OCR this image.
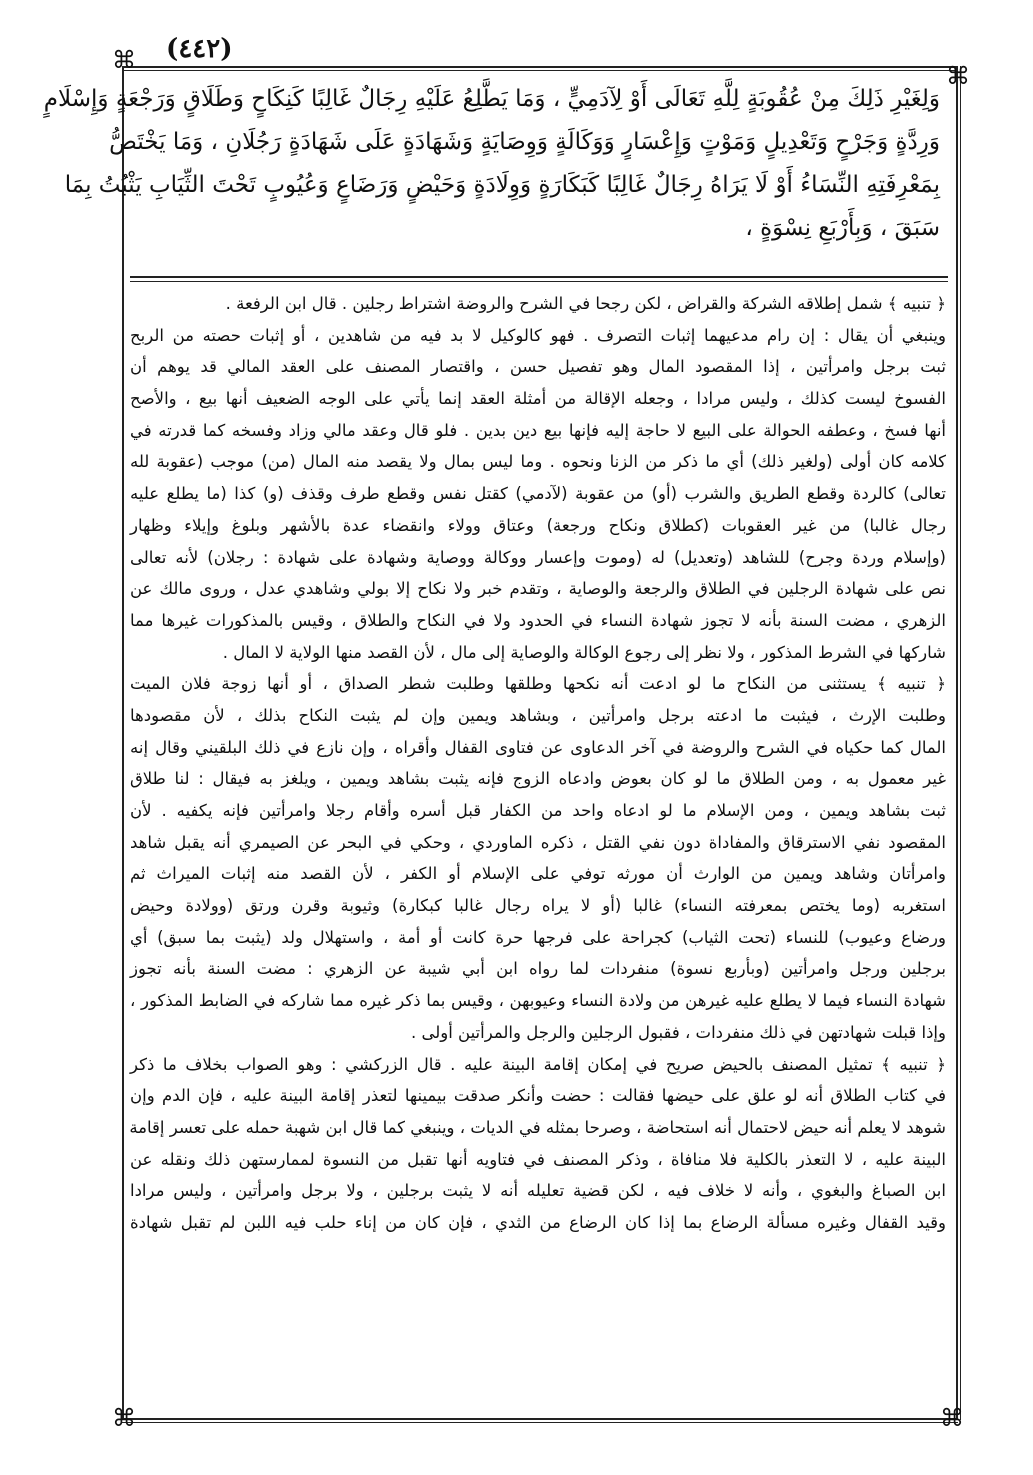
⌘
⌘
⌘	⌘
(٤٤٢)
وَلِغَيْرِ ذَلِكَ مِنْ عُقُوبَةٍ لِلَّهِ تَعَالَى أَوْ لِآدَمِيٍّ ، وَمَا يَطَّلِعُ عَلَيْهِ رِجَالٌ غَالِبًا كَنِكَاحٍ وَطَلَاقٍ وَرَجْعَةٍ وَإِسْلَامٍ
وَرِدَّةٍ وَجَرْحٍ وَتَعْدِيلٍ وَمَوْتٍ وَإِعْسَارٍ وَوَكَالَةٍ وَوِصَايَةٍ وَشَهَادَةٍ عَلَى شَهَادَةٍ رَجُلَانِ ، وَمَا يَخْتَصُّ
بِمَعْرِفَتِهِ النِّسَاءُ أَوْ لَا يَرَاهُ رِجَالٌ غَالِبًا كَبَكَارَةٍ وَوِلَادَةٍ وَحَيْضٍ وَرَضَاعٍ وَعُيُوبٍ تَحْتَ الثِّيَابِ يَثْبُتُ بِمَا
سَبَقَ ، وَبِأَرْبَعِ نِسْوَةٍ ،
﴿ تنبيه ﴾ شمل إطلاقه الشركة والقراض ، لكن رجحا في الشرح والروضة اشتراط رجلين . قال ابن الرفعة .
وينبغي أن يقال : إن رام مدعيهما إثبات التصرف . فهو كالوكيل لا بد فيه من شاهدين ، أو إثبات حصته من الربح
ثبت برجل وامرأتين ، إذا المقصود المال وهو تفصيل حسن ، واقتصار المصنف على العقد المالي قد يوهم أن
الفسوخ ليست كذلك ، وليس مرادا ، وجعله الإقالة من أمثلة العقد إنما يأتي على الوجه الضعيف أنها بيع ، والأصح
أنها فسخ ، وعطفه الحوالة على البيع لا حاجة إليه فإنها بيع دين بدين . فلو قال وعقد مالي وزاد وفسخه كما قدرته في
كلامه كان أولى (ولغير ذلك) أي ما ذكر من الزنا ونحوه . وما ليس بمال ولا يقصد منه المال (من) موجب (عقوبة لله
تعالى) كالردة وقطع الطريق والشرب (أو) من عقوبة (لآدمي) كقتل نفس وقطع طرف وقذف (و) كذا (ما يطلع عليه
رجال غالبا) من غير العقوبات (كطلاق ونكاح ورجعة) وعتاق وولاء وانقضاء عدة بالأشهر وبلوغ وإيلاء وظهار
(وإسلام وردة وجرح) للشاهد (وتعديل) له (وموت وإعسار ووكالة ووصاية وشهادة على شهادة : رجلان) لأنه تعالى
نص على شهادة الرجلين في الطلاق والرجعة والوصاية ، وتقدم خبر ولا نكاح إلا بولي وشاهدي عدل ، وروى مالك عن
الزهري ، مضت السنة بأنه لا تجوز شهادة النساء في الحدود ولا في النكاح والطلاق ، وقيس بالمذكورات غيرها مما
شاركها في الشرط المذكور ، ولا نظر إلى رجوع الوكالة والوصاية إلى مال ، لأن القصد منها الولاية لا المال .
﴿ تنبيه ﴾ يستثنى من النكاح ما لو ادعت أنه نكحها وطلقها وطلبت شطر الصداق ، أو أنها زوجة فلان الميت
وطلبت الإرث ، فيثبت ما ادعته برجل وامرأتين ، وبشاهد ويمين وإن لم يثبت النكاح بذلك ، لأن مقصودها
المال كما حكياه في الشرح والروضة في آخر الدعاوى عن فتاوى القفال وأقراه ، وإن نازع في ذلك البلقيني وقال إنه
غير معمول به ، ومن الطلاق ما لو كان بعوض وادعاه الزوج فإنه يثبت بشاهد ويمين ، ويلغز به فيقال : لنا طلاق
ثبت بشاهد ويمين ، ومن الإسلام ما لو ادعاه واحد من الكفار قبل أسره وأقام رجلا وامرأتين فإنه يكفيه . لأن
المقصود نفي الاسترقاق والمفاداة دون نفي القتل ، ذكره الماوردي ، وحكي في البحر عن الصيمري أنه يقبل شاهد
وامرأتان وشاهد ويمين من الوارث أن مورثه توفي على الإسلام أو الكفر ، لأن القصد منه إثبات الميراث ثم
استغربه (وما يختص بمعرفته النساء) غالبا (أو لا يراه رجال غالبا كبكارة) وثيوبة وقرن ورتق (وولادة وحيض
ورضاع وعيوب) للنساء (تحت الثياب) كجراحة على فرجها حرة كانت أو أمة ، واستهلال ولد (يثبت بما سبق) أي
برجلين ورجل وامرأتين (وبأربع نسوة) منفردات لما رواه ابن أبي شيبة عن الزهري : مضت السنة بأنه تجوز
شهادة النساء فيما لا يطلع عليه غيرهن من ولادة النساء وعيوبهن ، وقيس بما ذكر غيره مما شاركه في الضابط المذكور ،
وإذا قبلت شهادتهن في ذلك منفردات ، فقبول الرجلين والرجل والمرأتين أولى .
﴿ تنبيه ﴾ تمثيل المصنف بالحيض صريح في إمكان إقامة البينة عليه . قال الزركشي : وهو الصواب بخلاف ما ذكر
في كتاب الطلاق أنه لو علق على حيضها فقالت : حضت وأنكر صدقت بيمينها لتعذر إقامة البينة عليه ، فإن الدم وإن
شوهد لا يعلم أنه حيض لاحتمال أنه استحاضة ، وصرحا بمثله في الديات ، وينبغي كما قال ابن شهبة حمله على تعسر إقامة
البينة عليه ، لا التعذر بالكلية فلا منافاة ، وذكر المصنف في فتاويه أنها تقبل من النسوة لممارستهن ذلك ونقله عن
ابن الصباغ والبغوي ، وأنه لا خلاف فيه ، لكن قضية تعليله أنه لا يثبت برجلين ، ولا برجل وامرأتين ، وليس مرادا
وقيد القفال وغيره مسألة الرضاع بما إذا كان الرضاع من الثدي ، فإن كان من إناء حلب فيه اللبن لم تقبل شهادة
